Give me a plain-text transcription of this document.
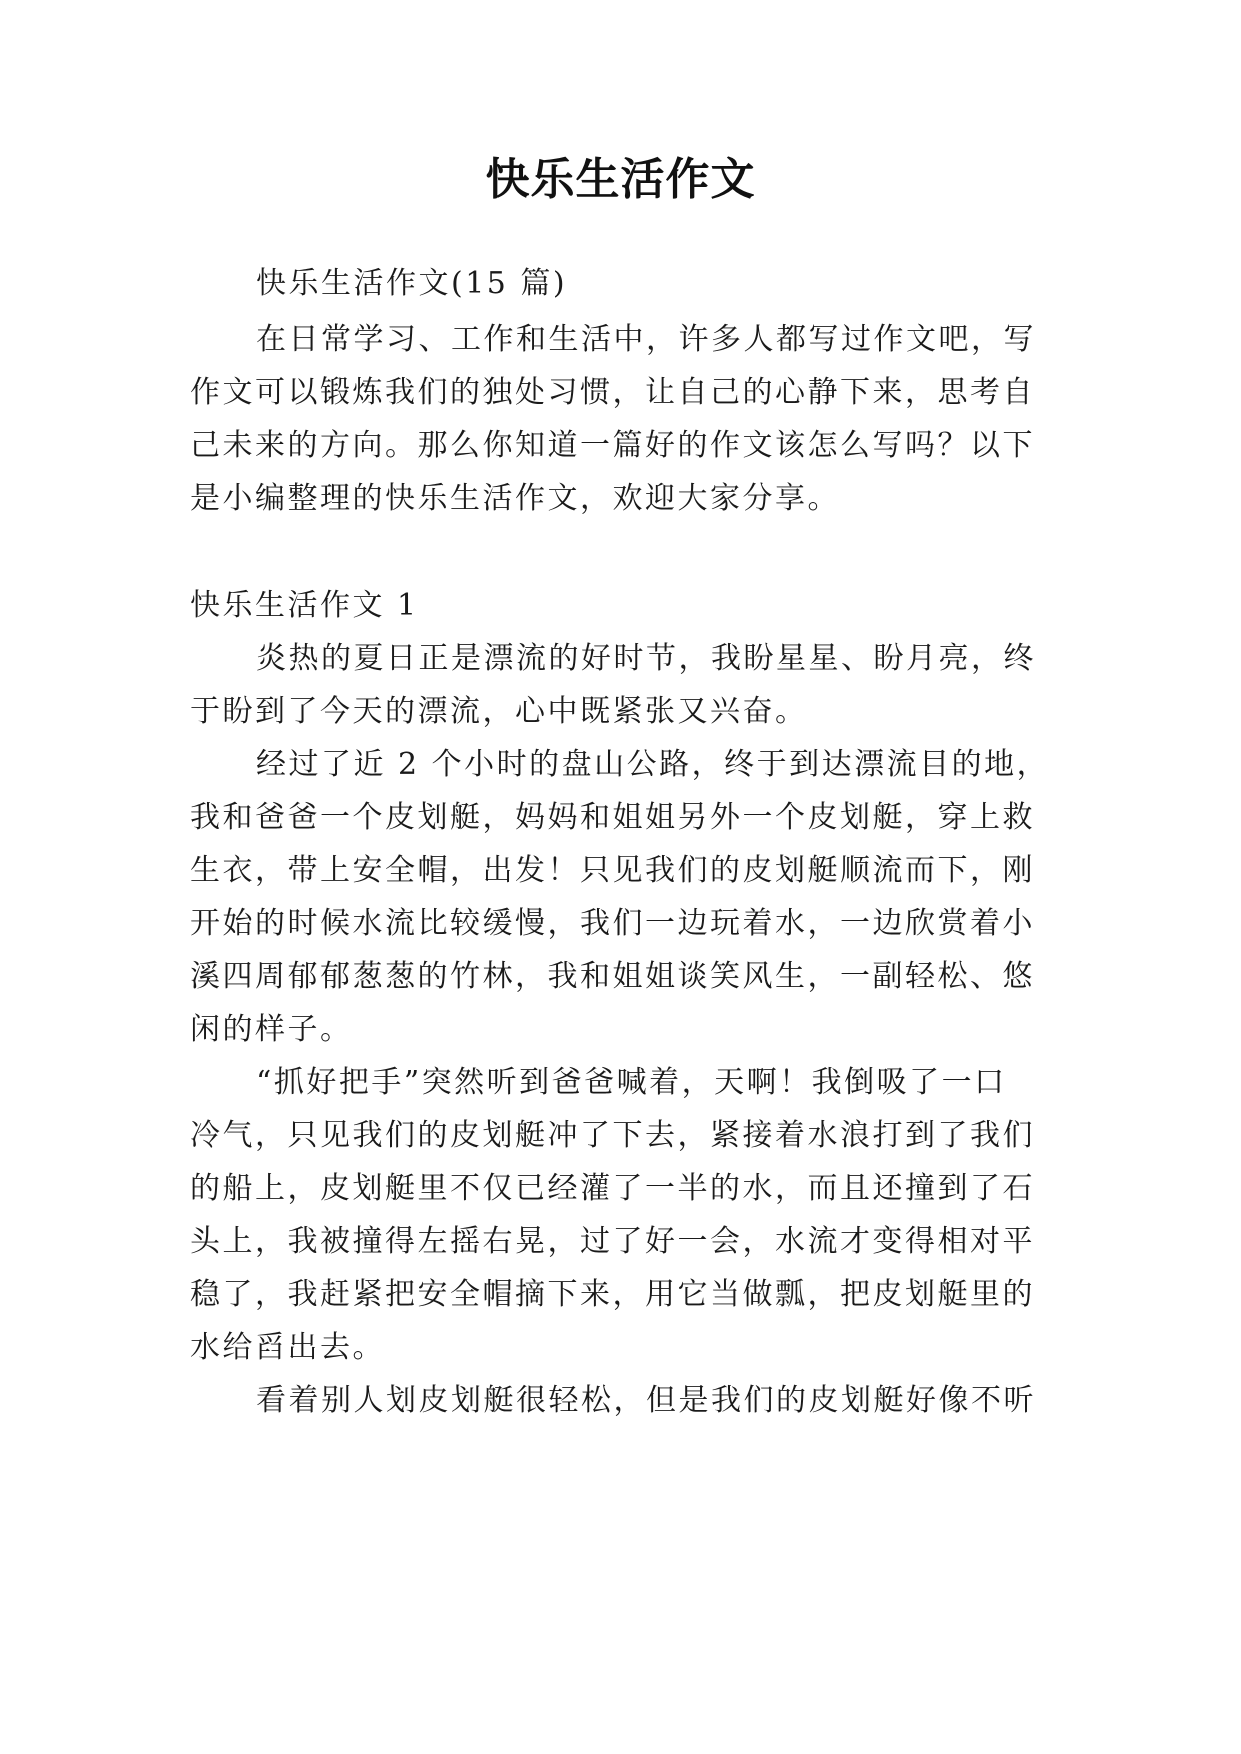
快乐生活作文

快乐生活作文(15 篇)

在日常学习、工作和生活中，许多人都写过作文吧，写

作文可以锻炼我们的独处习惯，让自己的心静下来，思考自

己未来的方向。那么你知道一篇好的作文该怎么写吗？以下

是小编整理的快乐生活作文，欢迎大家分享。

快乐生活作文 1

炎热的夏日正是漂流的好时节，我盼星星、盼月亮，终

于盼到了今天的漂流，心中既紧张又兴奋。

经过了近 2 个小时的盘山公路，终于到达漂流目的地，

我和爸爸一个皮划艇，妈妈和姐姐另外一个皮划艇，穿上救

生衣，带上安全帽，出发！只见我们的皮划艇顺流而下，刚

开始的时候水流比较缓慢，我们一边玩着水，一边欣赏着小

溪四周郁郁葱葱的竹林，我和姐姐谈笑风生，一副轻松、悠

闲的样子。

“抓好把手”突然听到爸爸喊着，天啊！我倒吸了一口

冷气，只见我们的皮划艇冲了下去，紧接着水浪打到了我们

的船上，皮划艇里不仅已经灌了一半的水，而且还撞到了石

头上，我被撞得左摇右晃，过了好一会，水流才变得相对平

稳了，我赶紧把安全帽摘下来，用它当做瓢，把皮划艇里的

水给舀出去。

看着别人划皮划艇很轻松，但是我们的皮划艇好像不听
